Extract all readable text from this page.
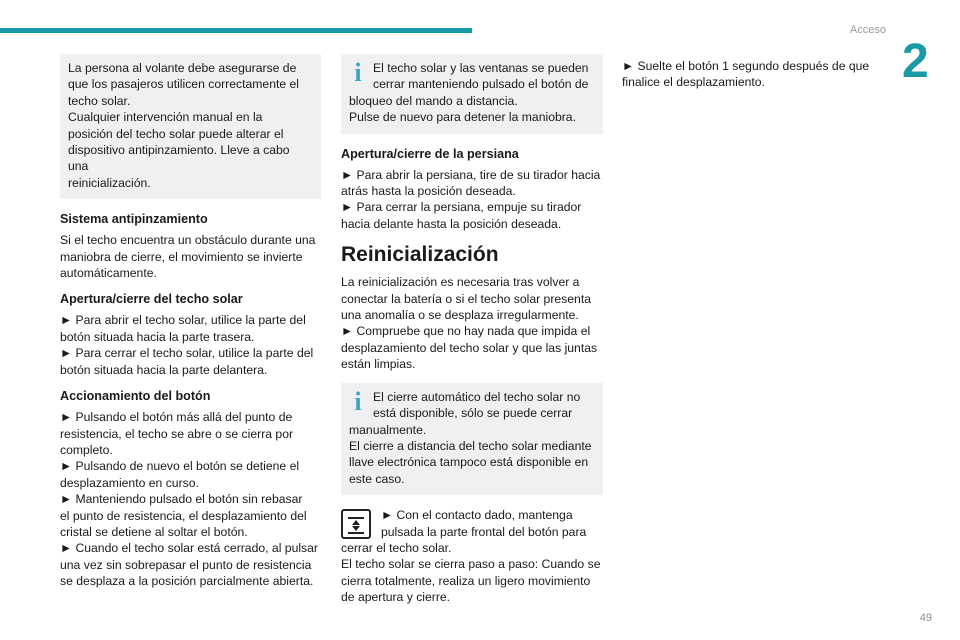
Acceso
2

La persona al volante debe asegurarse de

que los pasajeros utilicen correctamente el

techo solar.

Cualquier intervención manual en la

posición del techo solar puede alterar el

dispositivo antipinzamiento. Lleve a cabo una

reinicialización.

Sistema antipinzamiento

Si el techo encuentra un obstáculo durante una

maniobra de cierre, el movimiento se invierte

automáticamente.

Apertura/cierre del techo solar

► Para abrir el techo solar, utilice la parte del

botón situada hacia la parte trasera.

► Para cerrar el techo solar, utilice la parte del

botón situada hacia la parte delantera.

Accionamiento del botón

► Pulsando el botón más allá del punto de

resistencia, el techo se abre o se cierra por

completo.

► Pulsando de nuevo el botón se detiene el

desplazamiento en curso.

► Manteniendo pulsado el botón sin rebasar

el punto de resistencia, el desplazamiento del

cristal se detiene al soltar el botón.

► Cuando el techo solar está cerrado, al pulsar

una vez sin sobrepasar el punto de resistencia

se desplaza a la posición parcialmente abierta.

i El techo solar y las ventanas se pueden

cerrar manteniendo pulsado el botón de

bloqueo del mando a distancia.

Pulse de nuevo para detener la maniobra.

Apertura/cierre de la persiana

► Para abrir la persiana, tire de su tirador hacia

atrás hasta la posición deseada.

► Para cerrar la persiana, empuje su tirador

hacia delante hasta la posición deseada.

Reinicialización

La reinicialización es necesaria tras volver a

conectar la batería o si el techo solar presenta

una anomalía o se desplaza irregularmente.

► Compruebe que no hay nada que impida el

desplazamiento del techo solar y que las juntas

están limpias.

i El cierre automático del techo solar no

está disponible, sólo se puede cerrar

manualmente.

El cierre a distancia del techo solar mediante

llave electrónica tampoco está disponible en

este caso.

► Con el contacto dado, mantenga

pulsada la parte frontal del botón para

cerrar el techo solar.

El techo solar se cierra paso a paso: Cuando se

cierra totalmente, realiza un ligero movimiento

de apertura y cierre.

► Suelte el botón 1 segundo después de que

finalice el desplazamiento.

49
